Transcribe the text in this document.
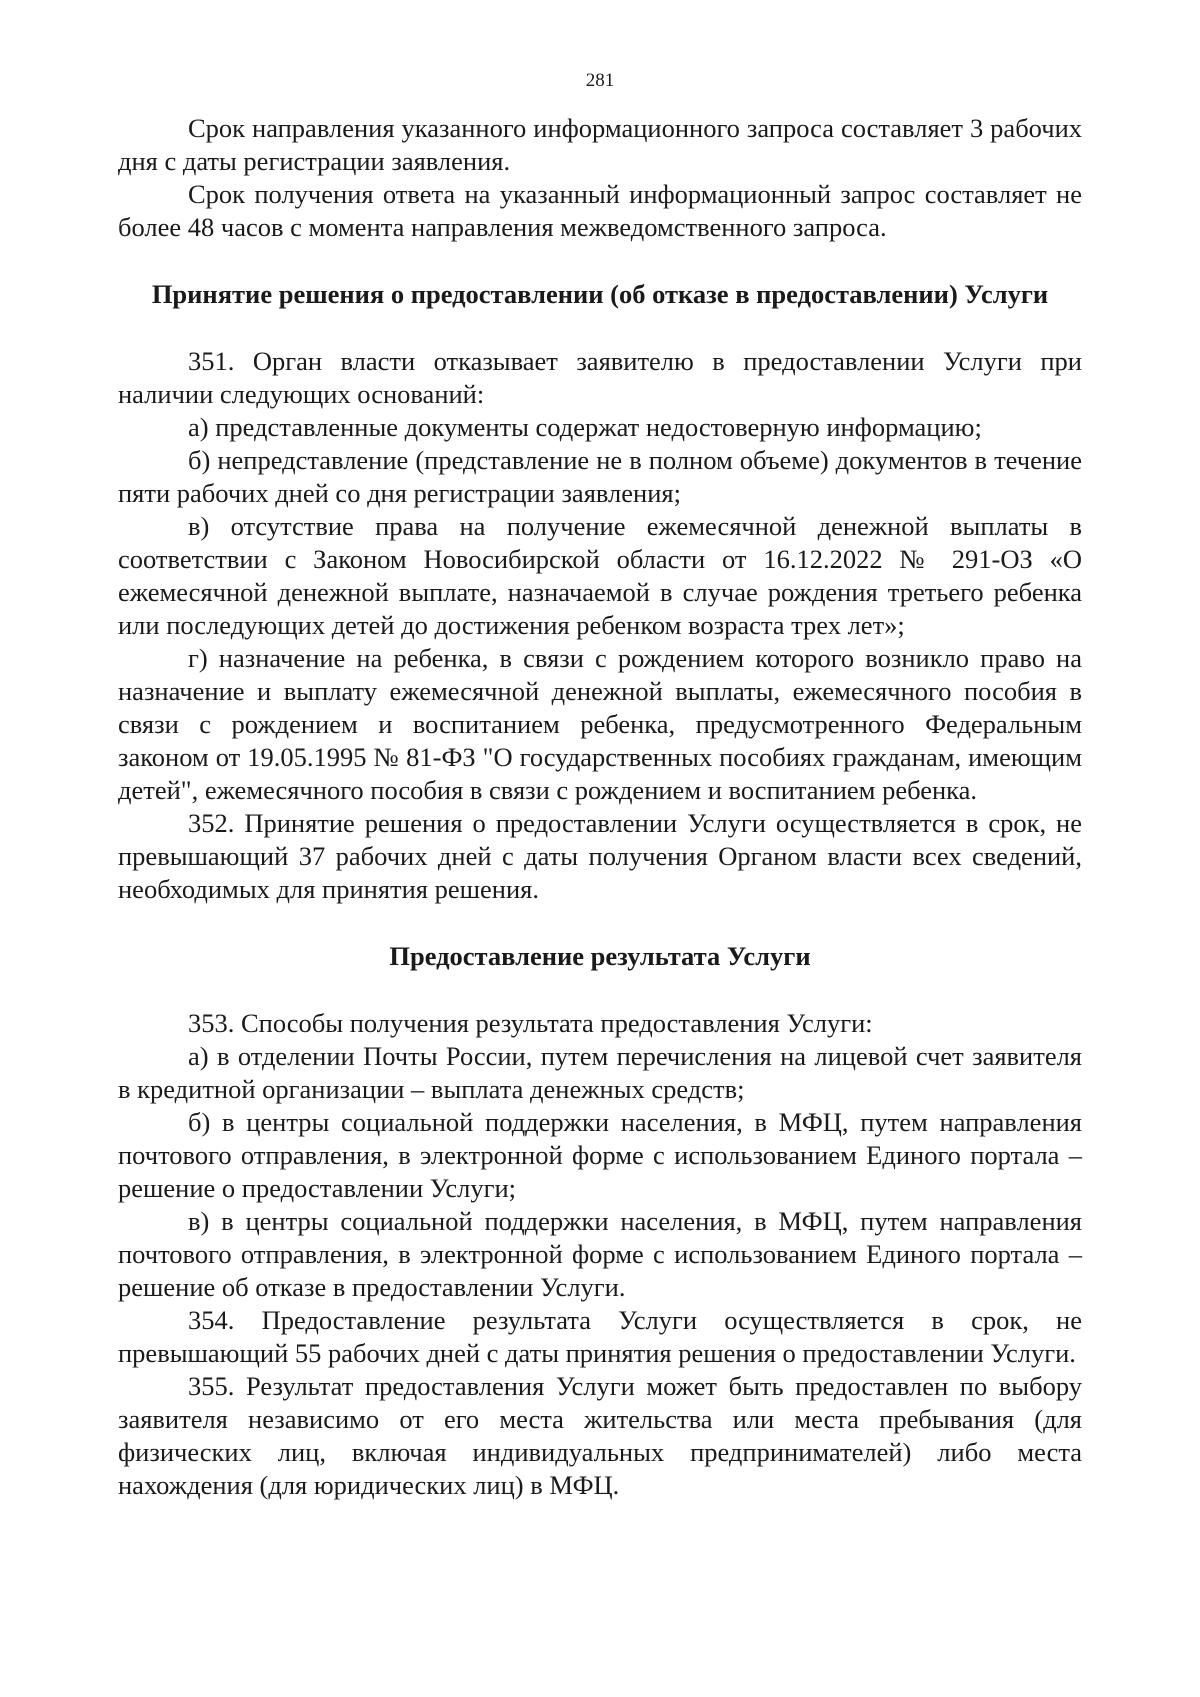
281

Срок направления указанного информационного запроса составляет 3 рабочих дня с даты регистрации заявления.

Срок получения ответа на указанный информационный запрос составляет не более 48 часов с момента направления межведомственного запроса.

Принятие решения о предоставлении (об отказе в предоставлении) Услуги

351. Орган власти отказывает заявителю в предоставлении Услуги при наличии следующих оснований:

а) представленные документы содержат недостоверную информацию;

б) непредставление (представление не в полном объеме) документов в течение пяти рабочих дней со дня регистрации заявления;

в) отсутствие права на получение ежемесячной денежной выплаты в соответствии с Законом Новосибирской области от 16.12.2022 № 291-ОЗ «О ежемесячной денежной выплате, назначаемой в случае рождения третьего ребенка или последующих детей до достижения ребенком возраста трех лет»;

г) назначение на ребенка, в связи с рождением которого возникло право на назначение и выплату ежемесячной денежной выплаты, ежемесячного пособия в связи с рождением и воспитанием ребенка, предусмотренного Федеральным законом от 19.05.1995 № 81-ФЗ "О государственных пособиях гражданам, имеющим детей", ежемесячного пособия в связи с рождением и воспитанием ребенка.

352. Принятие решения о предоставлении Услуги осуществляется в срок, не превышающий 37 рабочих дней с даты получения Органом власти всех сведений, необходимых для принятия решения.

Предоставление результата Услуги

353. Способы получения результата предоставления Услуги:

а) в отделении Почты России, путем перечисления на лицевой счет заявителя в кредитной организации – выплата денежных средств;

б) в центры социальной поддержки населения, в МФЦ, путем направления почтового отправления, в электронной форме с использованием Единого портала – решение о предоставлении Услуги;

в) в центры социальной поддержки населения, в МФЦ, путем направления почтового отправления, в электронной форме с использованием Единого портала – решение об отказе в предоставлении Услуги.

354. Предоставление результата Услуги осуществляется в срок, не превышающий 55 рабочих дней с даты принятия решения о предоставлении Услуги.

355. Результат предоставления Услуги может быть предоставлен по выбору заявителя независимо от его места жительства или места пребывания (для физических лиц, включая индивидуальных предпринимателей) либо места нахождения (для юридических лиц) в МФЦ.
